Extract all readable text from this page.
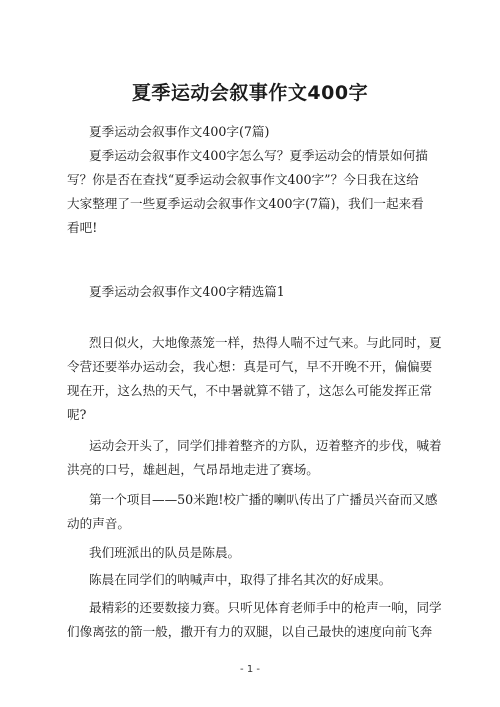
夏季运动会叙事作文400字

夏季运动会叙事作文400字(7篇)

夏季运动会叙事作文400字怎么写？夏季运动会的情景如何描
写？你是否在查找“夏季运动会叙事作文400字”？今日我在这给
大家整理了一些夏季运动会叙事作文400字(7篇)，我们一起来看
看吧!

夏季运动会叙事作文400字精选篇1

烈日似火，大地像蒸笼一样，热得人喘不过气来。与此同时，夏
令营还要举办运动会，我心想：真是可气，早不开晚不开，偏偏要
现在开，这么热的天气，不中暑就算不错了，这怎么可能发挥正常
呢?

运动会开头了，同学们排着整齐的方队，迈着整齐的步伐，喊着
洪亮的口号，雄赳赳，气昂昂地走进了赛场。

第一个项目——50米跑!校广播的喇叭传出了广播员兴奋而又感
动的声音。

我们班派出的队员是陈晨。

陈晨在同学们的呐喊声中，取得了排名其次的好成果。

最精彩的还要数接力赛。只听见体育老师手中的枪声一响，同学
们像离弦的箭一般，撒开有力的双腿，以自己最快的速度向前飞奔

- 1 -
